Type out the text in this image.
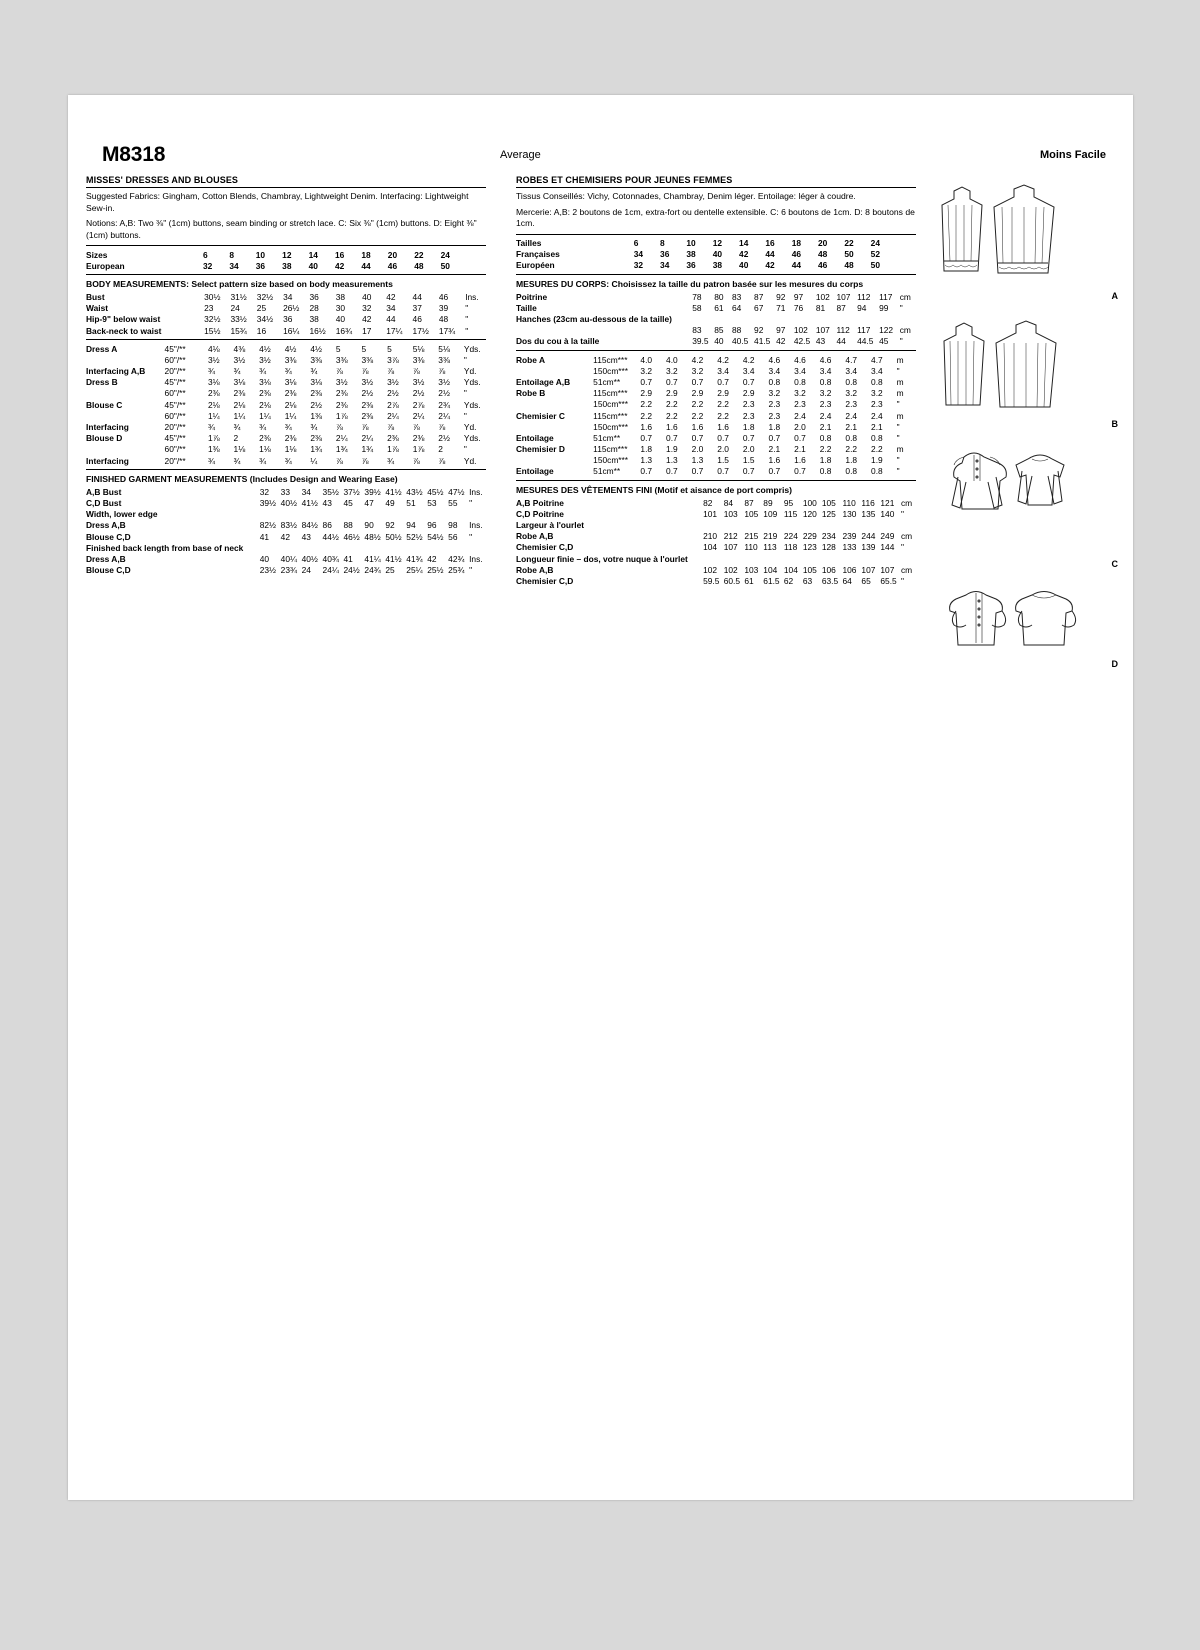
M8318	Average	Moins Facile
MISSES' DRESSES AND BLOUSES
Suggested Fabrics: Gingham, Cotton Blends, Chambray, Lightweight Denim. Interfacing: Lightweight Sew-in.
Notions: A,B: Two ⅜" (1cm) buttons, seam binding or stretch lace. C: Six ⅜" (1cm) buttons. D: Eight ⅜" (1cm) buttons.
Sizes		6	8	10	12	14	16	18	20	22	24	
European		32	34	36	38	40	42	44	46	48	50	
BODY MEASUREMENTS: Select pattern size based on body measurements
Bust		30½	31½	32½	34	36	38	40	42	44	46	Ins.
Waist		23	24	25	26½	28	30	32	34	37	39	"
Hip-9" below waist		32½	33½	34½	36	38	40	42	44	46	48	"
Back-neck to waist		15½	15¾	16	16¼	16½	16¾	17	17¼	17½	17¾	"
Dress A	45"/**	4⅛	4⅜	4½	4½	4½	5	5	5	5⅛	5⅛	Yds.
	60"/**	3½	3½	3½	3⅜	3⅜	3⅜	3⅜	3⅞	3⅜	3⅜	"
Interfacing A,B	20"/**	¾	¾	¾	¾	¾	⅞	⅞	⅞	⅞	⅞	Yd.
Dress B	45"/**	3⅛	3⅛	3⅛	3⅛	3⅛	3½	3½	3½	3½	3½	Yds.
	60"/**	2⅜	2⅜	2⅜	2⅜	2⅜	2⅜	2½	2½	2½	2½	"
Blouse C	45"/**	2⅛	2⅛	2⅛	2⅛	2½	2⅜	2⅜	2⅞	2⅞	2¾	Yds.
	60"/**	1¼	1¼	1¼	1¼	1⅜	1⅞	2⅜	2¼	2¼	2¼	"
Interfacing	20"/**	¾	¾	¾	¾	¾	⅞	⅞	⅞	⅞	⅞	Yd.
Blouse D	45"/**	1⅞	2	2⅜	2⅜	2⅜	2¼	2¼	2⅜	2⅜	2½	Yds.
	60"/**	1⅜	1⅛	1⅛	1⅛	1¾	1¾	1¾	1⅞	1⅞	2	"
Interfacing	20"/**	¾	¾	¾	¾	¼	⅞	⅞	¾	⅞	⅞	Yd.
FINISHED GARMENT MEASUREMENTS (Includes Design and Wearing Ease)
A,B Bust		32	33	34	35½	37½	39½	41½	43½	45½	47½	Ins.
C,D Bust		39½	40½	41½	43	45	47	49	51	53	55	"
Width, lower edge												
Dress A,B		82½	83½	84½	86	88	90	92	94	96	98	Ins.
Blouse C,D		41	42	43	44½	46½	48½	50½	52½	54½	56	"
Finished back length from base of neck												
Dress A,B		40	40¼	40½	40¾	41	41¼	41½	41¾	42	42¾	Ins.
Blouse C,D		23½	23¾	24	24¼	24½	24¾	25	25¼	25½	25¾	"
ROBES ET CHEMISIERS POUR JEUNES FEMMES
Tissus Conseillés: Vichy, Cotonnades, Chambray, Denim léger. Entoilage: léger à coudre.
Mercerie: A,B: 2 boutons de 1cm, extra-fort ou dentelle extensible. C: 6 boutons de 1cm. D: 8 boutons de 1cm.
Tailles		6	8	10	12	14	16	18	20	22	24	
Françaises		34	36	38	40	42	44	46	48	50	52	
Européen		32	34	36	38	40	42	44	46	48	50	
MESURES DU CORPS: Choisissez la taille du patron basée sur les mesures du corps
Poitrine		78	80	83	87	92	97	102	107	112	117	cm
Taille		58	61	64	67	71	76	81	87	94	99	"
Hanches (23cm au-dessous de la taille)												
		83	85	88	92	97	102	107	112	117	122	cm
Dos du cou à la taille		39.5	40	40.5	41.5	42	42.5	43	44	44.5	45	"
Robe A	115cm***	4.0	4.0	4.2	4.2	4.2	4.6	4.6	4.6	4.7	4.7	m
	150cm***	3.2	3.2	3.2	3.4	3.4	3.4	3.4	3.4	3.4	3.4	"
Entoilage A,B	51cm**	0.7	0.7	0.7	0.7	0.7	0.8	0.8	0.8	0.8	0.8	m
Robe B	115cm***	2.9	2.9	2.9	2.9	2.9	3.2	3.2	3.2	3.2	3.2	m
	150cm***	2.2	2.2	2.2	2.2	2.3	2.3	2.3	2.3	2.3	2.3	"
Chemisier C	115cm***	2.2	2.2	2.2	2.2	2.3	2.3	2.4	2.4	2.4	2.4	m
	150cm***	1.6	1.6	1.6	1.6	1.8	1.8	2.0	2.1	2.1	2.1	"
Entoilage	51cm**	0.7	0.7	0.7	0.7	0.7	0.7	0.7	0.8	0.8	0.8	"
Chemisier D	115cm***	1.8	1.9	2.0	2.0	2.0	2.1	2.1	2.2	2.2	2.2	m
	150cm***	1.3	1.3	1.3	1.5	1.5	1.6	1.6	1.8	1.8	1.9	"
Entoilage	51cm**	0.7	0.7	0.7	0.7	0.7	0.7	0.7	0.8	0.8	0.8	"
MESURES DES VÊTEMENTS FINI (Motif et aisance de port compris)
A,B Poitrine		82	84	87	89	95	100	105	110	116	121	cm
C,D Poitrine		101	103	105	109	115	120	125	130	135	140	"
Largeur à l'ourlet												
Robe A,B		210	212	215	219	224	229	234	239	244	249	cm
Chemisier C,D		104	107	110	113	118	123	128	133	139	144	"
Longueur finie – dos, votre nuque à l'ourlet												
Robe A,B		102	102	103	104	104	105	106	106	107	107	cm
Chemisier C,D		59.5	60.5	61	61.5	62	63	63.5	64	65	65.5	"
A
B
C
D
